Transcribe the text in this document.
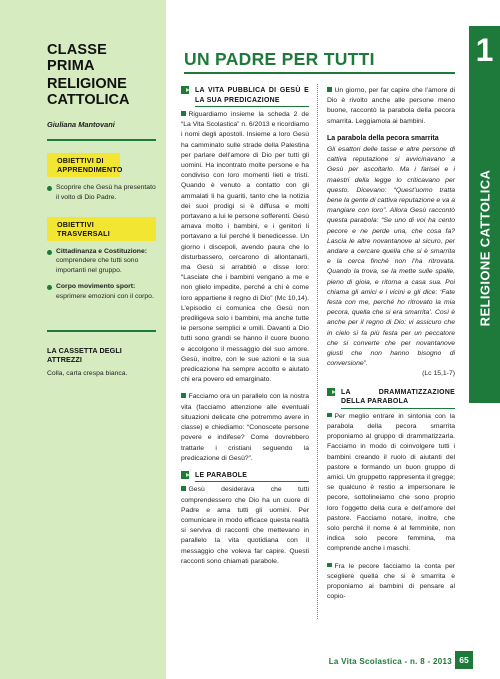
CLASSE PRIMA
RELIGIONE CATTOLICA
Giuliana Mantovani
OBIETTIVI DI APPRENDIMENTO
Scoprire che Gesù ha presentato il volto di Dio Padre.
OBIETTIVI TRASVERSALI
Cittadinanza e Costituzione: comprendere che tutti sono importanti nel gruppo.
Corpo movimento sport: esprimere emozioni con il corpo.
LA CASSETTA DEGLI ATTREZZI
Colla, carta crespa bianca.
UN PADRE PER TUTTI
LA VITA PUBBLICA DI GESÙ E LA SUA PREDICAZIONE

Riguardiamo insieme la scheda 2 de “La Vita Scolastica” n. 6/2013 e ricordiamo i nomi degli apostoli. Insieme a loro Gesù ha camminato sulle strade della Palestina per parlare dell’amore di Dio per tutti gli uomini. Ha incontrato molte persone e ha condiviso con loro momenti lieti e tristi. Quando è venuto a contatto con gli ammalati li ha guariti, tanto che la notizia dei suoi prodigi si è diffusa e molti portavano a lui le persone sofferenti. Gesù amava molto i bambini, e i genitori li portavano a lui perché li benedicesse. Un giorno i discepoli, avendo paura che lo disturbassero, cercarono di allontanarli, ma Gesù si arrabbiò e disse loro: “Lasciate che i bambini vengano a me e non glielo impedite, perché a chi è come loro appartiene il regno di Dio” (Mc 10,14). L’episodio ci comunica che Gesù non prediligeva solo i bambini, ma anche tutte le persone semplici e umili. Davanti a Dio tutti sono grandi se hanno il cuore buono e accolgono il messaggio del suo amore. Gesù, inoltre, con le sue azioni e la sua predicazione ha sempre accolto e aiutato chi era povero ed emarginato.

Facciamo ora un parallelo con la nostra vita (facciamo attenzione alle eventuali situazioni delicate che potremmo avere in classe) e chiediamo: “Conoscete persone povere e indifese? Come dovrebbero trattarle i cristiani seguendo la predicazione di Gesù?”.

LE PARABOLE

Gesù desiderava che tutti comprendessero che Dio ha un cuore di Padre e ama tutti gli uomini. Per comunicare in modo efficace questa realtà si serviva di racconti che mettevano in parallelo la vita quotidiana con il messaggio che voleva far capire. Questi racconti sono chiamati parabole.

Un giorno, per far capire che l’amore di Dio è rivolto anche alle persone meno buone, raccontò la parabola della pecora smarrita. Leggiamola ai bambini.

La parabola della pecora smarrita

Gli esattori delle tasse e altre persone di cattiva reputazione si avvicinavano a Gesù per ascoltarlo. Ma i farisei e i maestri della legge lo criticavano per questo. Dicevano: “Quest’uomo tratta bene la gente di cattiva reputazione e va a mangiare con loro”. Allora Gesù raccontò questa parabola: “Se uno di voi ha cento pecore e ne perde una, che cosa fa? Lascia le altre novantanove al sicuro, per andare a cercare quella che si è smarrita e la cerca finché non l’ha ritrovata. Quando la trova, se la mette sulle spalle, pieno di gioia, e ritorna a casa sua. Poi chiama gli amici e i vicini e gli dice: ‘Fate festa con me, perché ho ritrovato la mia pecora, quella che si era smarrita’. Così è anche per il regno di Dio: vi assicuro che in cielo si fa più festa per un peccatore che si converte che per novantanove giusti che non hanno bisogno di conversione”.

(Lc 15,1-7)

LA DRAMMATIZZAZIONE DELLA PARABOLA

Per meglio entrare in sintonia con la parabola della pecora smarrita proponiamo al gruppo di drammatizzarla. Facciamo in modo di coinvolgere tutti i bambini creando il ruolo di aiutanti del pastore e formando un buon gruppo di amici. Un gruppetto rappresenta il gregge; se qualcuno è restio a impersonare le pecore, sottolineiamo che sono proprio loro l’oggetto della cura e dell’amore del pastore. Facciamo notare, inoltre, che solo perché il nome è al femminile, non indica solo pecore femmina, ma comprende anche i maschi.

Fra le pecore facciamo la conta per scegliere quella che si è smarrita e proponiamo ai bambini di pensare al copio-

1
RELIGIONE CATTOLICA
La Vita Scolastica - n. 8 - 2013 65
